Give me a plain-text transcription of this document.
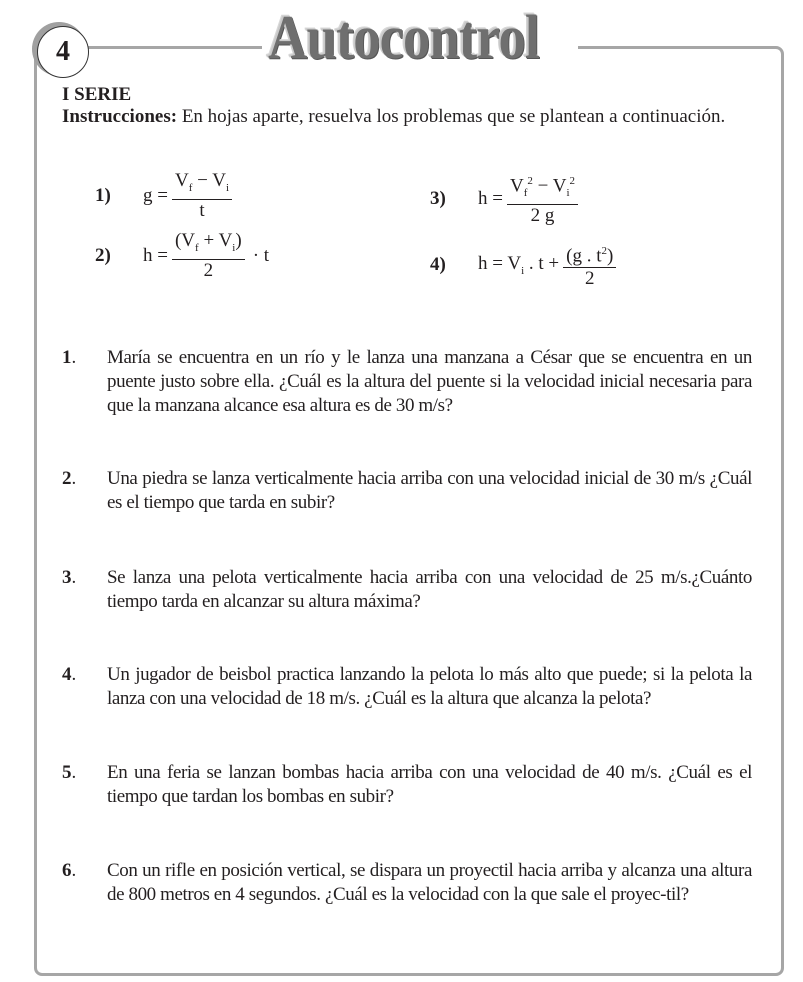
4	Autocontrol
I SERIE
Instrucciones: En hojas aparte, resuelva los problemas que se plantean a continuación.
1)	$g = \frac{V_f - V_i}{t}$
2)	$h = \frac{(V_f + V_i)}{2} \cdot t$
3)	$h = \frac{V_f^2 - V_i^2}{2 g}$
4)	$h = V_i$ . $t + \frac{(g . t^2)}{2}$
1.	María se encuentra en un río y le lanza una manzana a César que se encuentra en un puente justo sobre ella. ¿Cuál es la altura del puente si la velocidad inicial necesaria para que la manzana alcance esa altura es de 30 m/s?
2.	Una piedra se lanza verticalmente hacia arriba con una velocidad inicial de 30 m/s ¿Cuál es el tiempo que tarda en subir?
3.	Se lanza una pelota verticalmente hacia arriba con una velocidad de 25 m/s.¿Cuánto tiempo tarda en alcanzar su altura máxima?
4.	Un jugador de beisbol practica lanzando la pelota lo más alto que puede; si la pelota la lanza con una velocidad de 18 m/s. ¿Cuál es la altura que alcanza la pelota?
5.	En una feria se lanzan bombas hacia arriba con una velocidad de 40 m/s. ¿Cuál es el tiempo que tardan los bombas en subir?
6.	Con un rifle en posición vertical, se dispara un proyectil hacia arriba y alcanza una altura de 800 metros en 4 segundos. ¿Cuál es la velocidad con la que sale el proyec-til?
